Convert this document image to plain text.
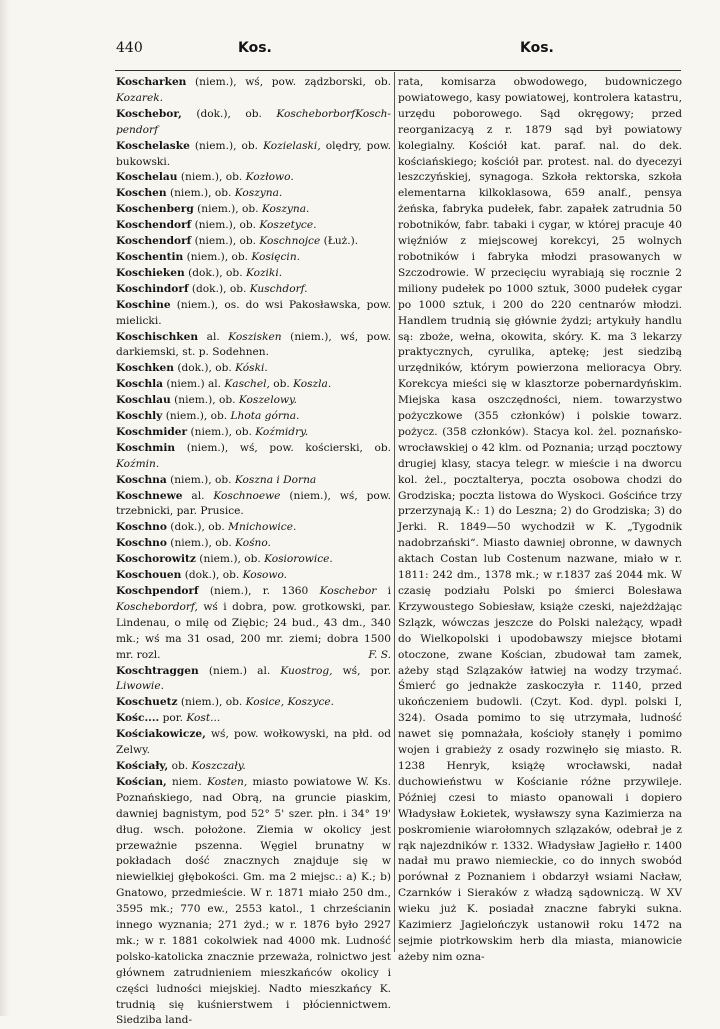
440	Kos.	Kos.

Koscharken (niem.), wś, pow. ządzborski, ob. Kozarek.

Koschebor, (dok.), ob. KoscheborborfKosch-pendorf

Koschelaske (niem.), ob. Kozielaski, olędry, pow. bukowski.

Koschelau (niem.), ob. Kozłowo.

Koschen (niem.), ob. Koszyna.

Koschenberg (niem.), ob. Koszyna.

Koschendorf (niem.), ob. Koszetyce.

Koschendorf (niem.), ob. Koschnojce (Łuż.).

Koschentin (niem.), ob. Kosięcin.

Koschieken (dok.), ob. Koziki.

Koschindorf (dok.), ob. Kuschdorf.

Koschine (niem.), os. do wsi Pakosławska, pow. mielicki.

Koschischken al. Koszisken (niem.), wś, pow. darkiemski, st. p. Sodehnen.

Koschken (dok.), ob. Kóski.

Koschla (niem.) al. Kaschel, ob. Koszla.

Koschlau (niem.), ob. Koszelowy.

Koschly (niem.), ob. Lhota górna.

Koschmider (niem.), ob. Koźmidry.

Koschmin (niem.), wś, pow. kościerski, ob. Koźmin.

Koschna (niem.), ob. Koszna i Dorna

Koschnewe al. Koschnoewe (niem.), wś, pow. trzebnicki, par. Prusice.

Koschno (dok.), ob. Mnichowice.

Koschno (niem.), ob. Kośno.

Koschorowitz (niem.), ob. Kosiorowice.

Koschouen (dok.), ob. Kosowo.

Koschpendorf (niem.), r. 1360 Koschebor i Koschebordorf, wś i dobra, pow. grotkowski, par. Lindenau, o milę od Ziębic; 24 bud., 43 dm., 340 mk.; wś ma 31 osad, 200 mr. ziemi; dobra 1500 mr. rozl.	F. S.

Koschtraggen (niem.) al. Kuostrog, wś, por. Liwowie.

Koschuetz (niem.), ob. Kosice, Koszyce.

Kośc.... por. Kost...

Kościakowicze, wś, pow. wołkowyski, na płd. od Zelwy.

Kościały, ob. Koszczały.

Kościan, niem. Kosten, miasto powiatowe W. Ks. Poznańskiego, nad Obrą, na gruncie piaskim, dawniej bagnistym, pod 52° 5' szer. płn. i 34° 19' dług. wsch. położone. Ziemia w okolicy jest przeważnie pszenna. Węgiel brunatny w pokładach dość znacznych znajduje się w niewielkiej głębokości. Gm. ma 2 miejsc.: a) K.; b) Gnatowo, przedmieście. W r. 1871 miało 250 dm., 3595 mk.; 770 ew., 2553 katol., 1 chrześcianin innego wyznania; 271 żyd.; w r. 1876 było 2927 mk.; w r. 1881 cokolwiek nad 4000 mk. Ludność polsko-katolicka znacznie przeważa, rolnictwo jest głównem zatrudnieniem mieszkańców okolicy i części ludności miejskiej. Nadto mieszkańcy K. trudnią się kuśnierstwem i płóciennictwem. Siedziba land-

rata, komisarza obwodowego, budowniczego powiatowego, kasy powiatowej, kontrolera katastru, urzędu poborowego. Sąd okręgowy; przed reorganizacyą z r. 1879 sąd był powiatowy kolegialny. Kościół kat. paraf. nal. do dek. kościańskiego; kościół par. protest. nal. do dyecezyi leszczyńskiej, synagoga. Szkoła rektorska, szkoła elementarna kilkoklasowa, 659 analf., pensya żeńska, fabryka pudełek, fabr. zapałek zatrudnia 50 robotników, fabr. tabaki i cygar, w której pracuje 40 więźniów z miejscowej korekcyi, 25 wolnych robotników i fabryka młodzi prasowanych w Szczodrowie. W przecięciu wyrabiają się rocznie 2 miliony pudełek po 1000 sztuk, 3000 pudełek cygar po 1000 sztuk, i 200 do 220 centnarów młodzi. Handlem trudnią się głównie żydzi; artykuły handlu są: zboże, wełna, okowita, skóry. K. ma 3 lekarzy praktycznych, cyrulika, aptekę; jest siedzibą urzędników, którym powierzona melioracya Obry. Korekcya mieści się w klasztorze pobernardyńskim. Miejska kasa oszczędności, niem. towarzystwo pożyczkowe (355 członków) i polskie towarz. pożycz. (358 członków). Stacya kol. żel. poznańsko-wrocławskiej o 42 klm. od Poznania; urząd pocztowy drugiej klasy, stacya telegr. w mieście i na dworcu kol. żel., pocztalterya, poczta osobowa chodzi do Grodziska; poczta listowa do Wyskoci. Gościńce trzy przerzynają K.: 1) do Leszna; 2) do Grodziska; 3) do Jerki. R. 1849—50 wychodził w K. „Tygodnik nadobrzański“. Miasto dawniej obronne, w dawnych aktach Costan lub Costenum nazwane, miało w r. 1811: 242 dm., 1378 mk.; w r.1837 zaś 2044 mk. W czasię podziału Polski po śmierci Bolesława Krzywoustego Sobiesław, książe czeski, najeżdżając Szlązk, wówczas jeszcze do Polski należący, wpadł do Wielkopolski i upodobawszy miejsce błotami otoczone, zwane Kościan, zbudował tam zamek, ażeby stąd Szlązaków łatwiej na wodzy trzymać. Śmierć go jednakże zaskoczyła r. 1140, przed ukończeniem budowli. (Czyt. Kod. dypl. polski I, 324). Osada pomimo to się utrzymała, ludność nawet się pomnażała, kościoły stanęły i pomimo wojen i grabieży z osady rozwinęło się miasto. R. 1238 Henryk, książę wrocławski, nadał duchowieństwu w Kościanie różne przywileje. Później czesi to miasto opanowali i dopiero Władysław Łokietek, wysławszy syna Kazimierza na poskromienie wiarołomnych szlązaków, odebrał je z rąk najezdników r. 1332. Władysław Jagiełło r. 1400 nadał mu prawo niemieckie, co do innych swobód porównał z Poznaniem i obdarzył wsiami Nacław, Czarnków i Sieraków z władzą sądowniczą. W XV wieku już K. posiadał znaczne fabryki sukna. Kazimierz Jagielończyk ustanowił roku 1472 na sejmie piotrkowskim herb dla miasta, mianowicie ażeby nim ozna-
